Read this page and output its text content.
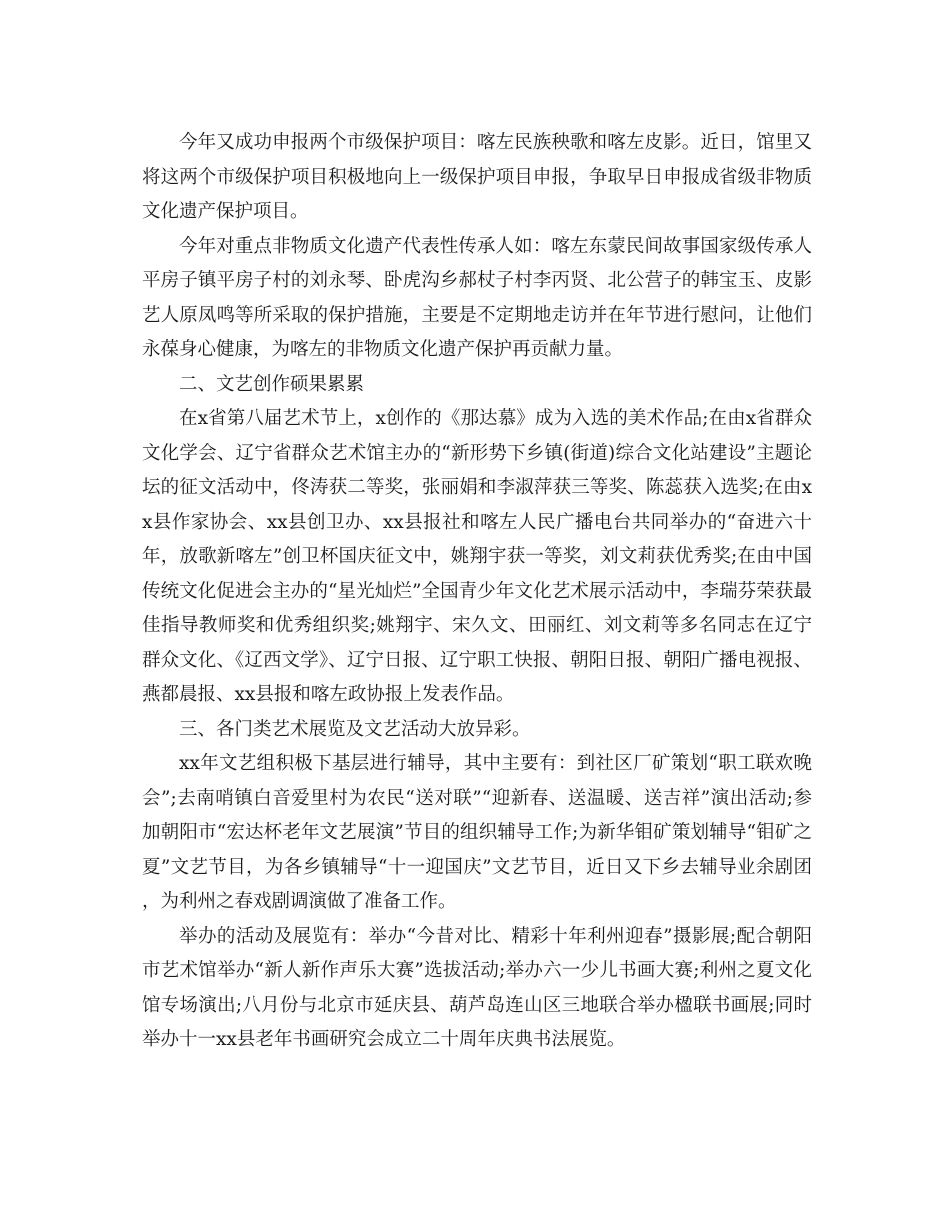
今年又成功申报两个市级保护项目：喀左民族秧歌和喀左皮影。近日，馆里又将这两个市级保护项目积极地向上一级保护项目申报，争取早日申报成省级非物质文化遗产保护项目。

今年对重点非物质文化遗产代表性传承人如：喀左东蒙民间故事国家级传承人平房子镇平房子村的刘永琴、卧虎沟乡郝杖子村李丙贤、北公营子的韩宝玉、皮影艺人原凤鸣等所采取的保护措施，主要是不定期地走访并在年节进行慰问，让他们永葆身心健康，为喀左的非物质文化遗产保护再贡献力量。

二、文艺创作硕果累累

在x省第八届艺术节上，x创作的《那达慕》成为入选的美术作品;在由x省群众文化学会、辽宁省群众艺术馆主办的“新形势下乡镇(街道)综合文化站建设”主题论坛的征文活动中，佟涛获二等奖，张丽娟和李淑萍获三等奖、陈蕊获入选奖;在由xx县作家协会、xx县创卫办、xx县报社和喀左人民广播电台共同举办的“奋进六十年，放歌新喀左”创卫杯国庆征文中，姚翔宇获一等奖，刘文莉获优秀奖;在由中国传统文化促进会主办的“星光灿烂”全国青少年文化艺术展示活动中，李瑞芬荣获最佳指导教师奖和优秀组织奖;姚翔宇、宋久文、田丽红、刘文莉等多名同志在辽宁群众文化、《辽西文学》、辽宁日报、辽宁职工快报、朝阳日报、朝阳广播电视报、燕都晨报、xx县报和喀左政协报上发表作品。

三、各门类艺术展览及文艺活动大放异彩。

xx年文艺组积极下基层进行辅导，其中主要有：到社区厂矿策划“职工联欢晚会”;去南哨镇白音爱里村为农民“送对联”“迎新春、送温暖、送吉祥”演出活动;参加朝阳市“宏达杯老年文艺展演”节目的组织辅导工作;为新华钼矿策划辅导“钼矿之夏”文艺节目，为各乡镇辅导“十一迎国庆”文艺节目，近日又下乡去辅导业余剧团，为利州之春戏剧调演做了准备工作。

举办的活动及展览有：举办“今昔对比、精彩十年利州迎春”摄影展;配合朝阳市艺术馆举办“新人新作声乐大赛”选拔活动;举办六一少儿书画大赛;利州之夏文化馆专场演出;八月份与北京市延庆县、葫芦岛连山区三地联合举办楹联书画展;同时举办十一xx县老年书画研究会成立二十周年庆典书法展览。
